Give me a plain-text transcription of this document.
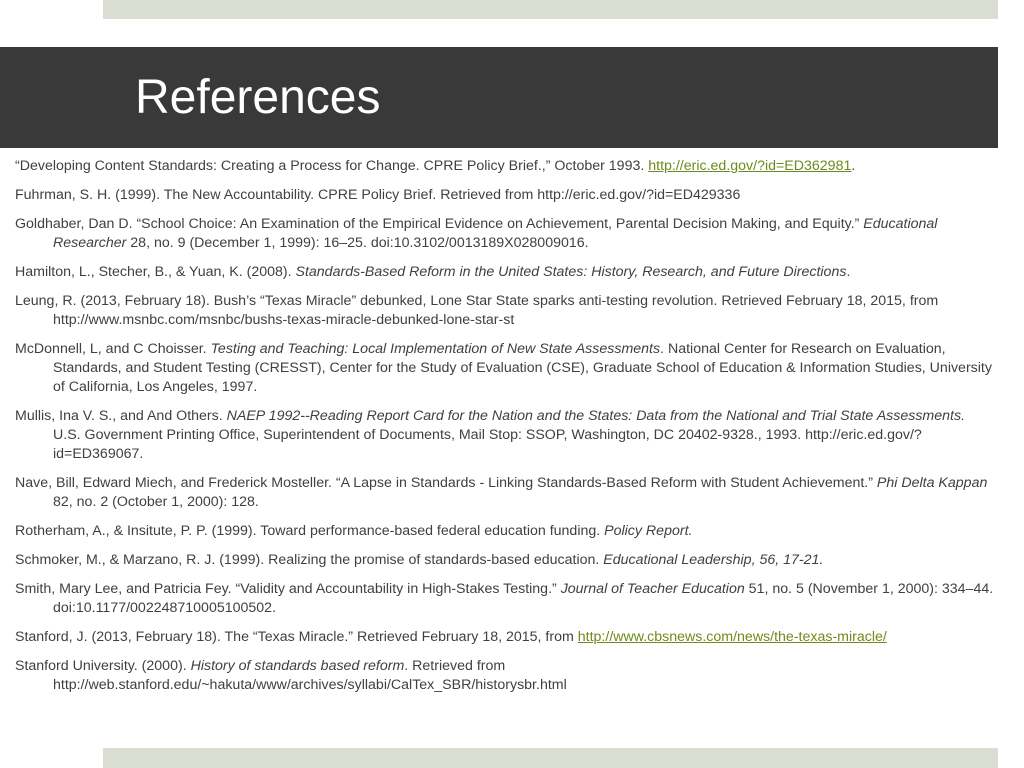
References
“Developing Content Standards: Creating a Process for Change. CPRE Policy Brief.,” October 1993. http://eric.ed.gov/?id=ED362981.
Fuhrman, S. H. (1999). The New Accountability. CPRE Policy Brief. Retrieved from http://eric.ed.gov/?id=ED429336
Goldhaber, Dan D. “School Choice: An Examination of the Empirical Evidence on Achievement, Parental Decision Making, and Equity.” Educational Researcher 28, no. 9 (December 1, 1999): 16–25. doi:10.3102/0013189X028009016.
Hamilton, L., Stecher, B., & Yuan, K. (2008). Standards-Based Reform in the United States: History, Research, and Future Directions.
Leung, R. (2013, February 18). Bush’s “Texas Miracle” debunked, Lone Star State sparks anti-testing revolution. Retrieved February 18, 2015, from http://www.msnbc.com/msnbc/bushs-texas-miracle-debunked-lone-star-st
McDonnell, L, and C Choisser. Testing and Teaching: Local Implementation of New State Assessments. National Center for Research on Evaluation, Standards, and Student Testing (CRESST), Center for the Study of Evaluation (CSE), Graduate School of Education & Information Studies, University of California, Los Angeles, 1997.
Mullis, Ina V. S., and And Others. NAEP 1992--Reading Report Card for the Nation and the States: Data from the National and Trial State Assessments. U.S. Government Printing Office, Superintendent of Documents, Mail Stop: SSOP, Washington, DC 20402-9328., 1993. http://eric.ed.gov/?id=ED369067.
Nave, Bill, Edward Miech, and Frederick Mosteller. “A Lapse in Standards - Linking Standards-Based Reform with Student Achievement.” Phi Delta Kappan 82, no. 2 (October 1, 2000): 128.
Rotherham, A., & Insitute, P. P. (1999). Toward performance-based federal education funding. Policy Report.
Schmoker, M., & Marzano, R. J. (1999). Realizing the promise of standards-based education. Educational Leadership, 56, 17-21.
Smith, Mary Lee, and Patricia Fey. “Validity and Accountability in High-Stakes Testing.” Journal of Teacher Education 51, no. 5 (November 1, 2000): 334–44. doi:10.1177/002248710005100502.
Stanford, J. (2013, February 18). The “Texas Miracle.” Retrieved February 18, 2015, from http://www.cbsnews.com/news/the-texas-miracle/
Stanford University. (2000). History of standards based reform. Retrieved from http://web.stanford.edu/~hakuta/www/archives/syllabi/CalTex_SBR/historysbr.html
